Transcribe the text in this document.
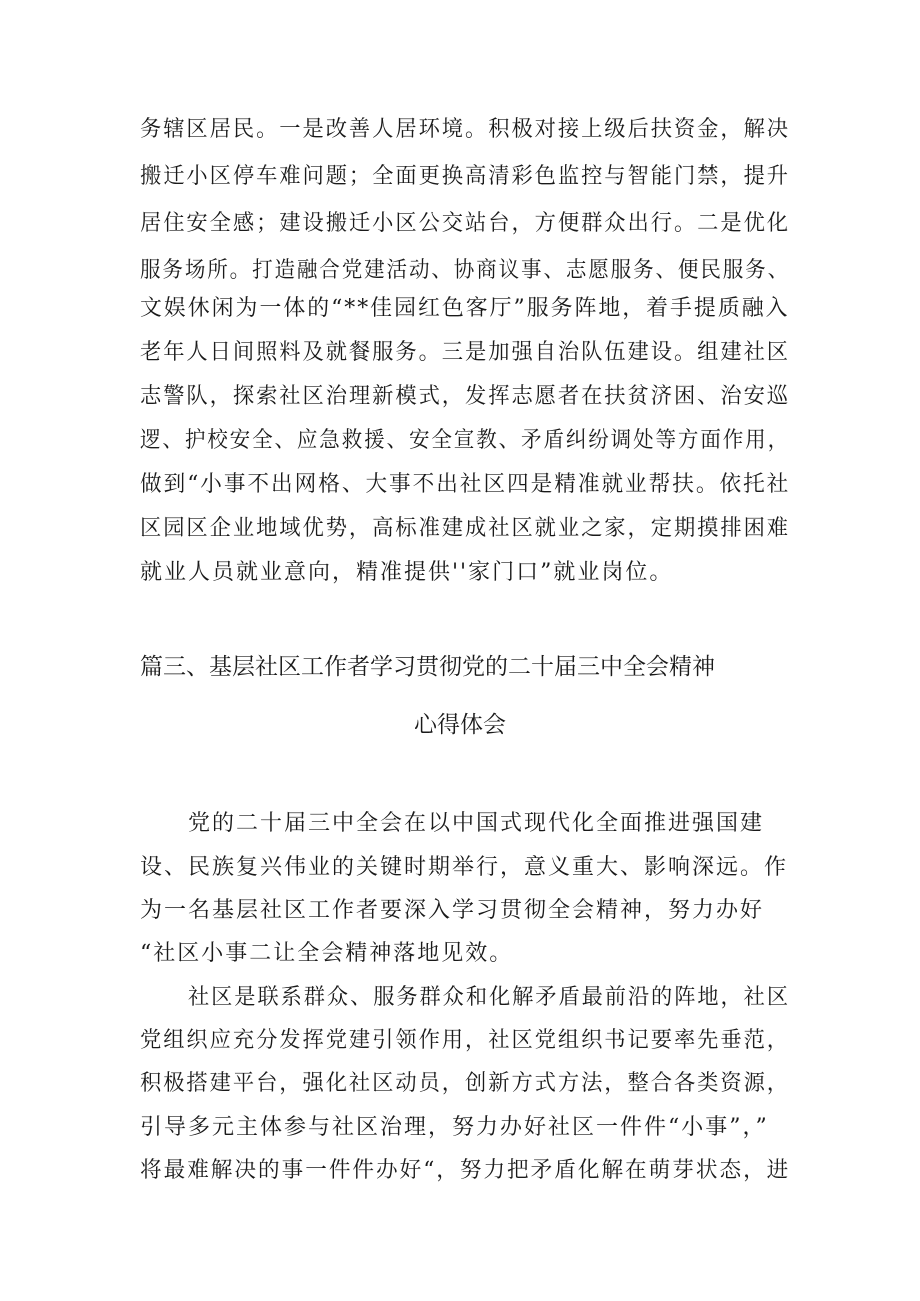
务辖区居民。一是改善人居环境。积极对接上级后扶资金，解决
搬迁小区停车难问题；全面更换高清彩色监控与智能门禁，提升
居住安全感；建设搬迁小区公交站台，方便群众出行。二是优化
服务场所。打造融合党建活动、协商议事、志愿服务、便民服务、
文娱休闲为一体的“**佳园红色客厅”服务阵地，着手提质融入
老年人日间照料及就餐服务。三是加强自治队伍建设。组建社区
志警队，探索社区治理新模式，发挥志愿者在扶贫济困、治安巡
逻、护校安全、应急救援、安全宣教、矛盾纠纷调处等方面作用，
做到“小事不出网格、大事不出社区四是精准就业帮扶。依托社
区园区企业地域优势，高标准建成社区就业之家，定期摸排困难
就业人员就业意向，精准提供''家门口”就业岗位。
篇三、基层社区工作者学习贯彻党的二十届三中全会精神
心得体会
党的二十届三中全会在以中国式现代化全面推进强国建
设、民族复兴伟业的关键时期举行，意义重大、影响深远。作
为一名基层社区工作者要深入学习贯彻全会精神，努力办好
“社区小事二让全会精神落地见效。
社区是联系群众、服务群众和化解矛盾最前沿的阵地，社区
党组织应充分发挥党建引领作用，社区党组织书记要率先垂范，
积极搭建平台，强化社区动员，创新方式方法，整合各类资源，
引导多元主体参与社区治理，努力办好社区一件件“小事”，”
将最难解决的事一件件办好“，努力把矛盾化解在萌芽状态，进
